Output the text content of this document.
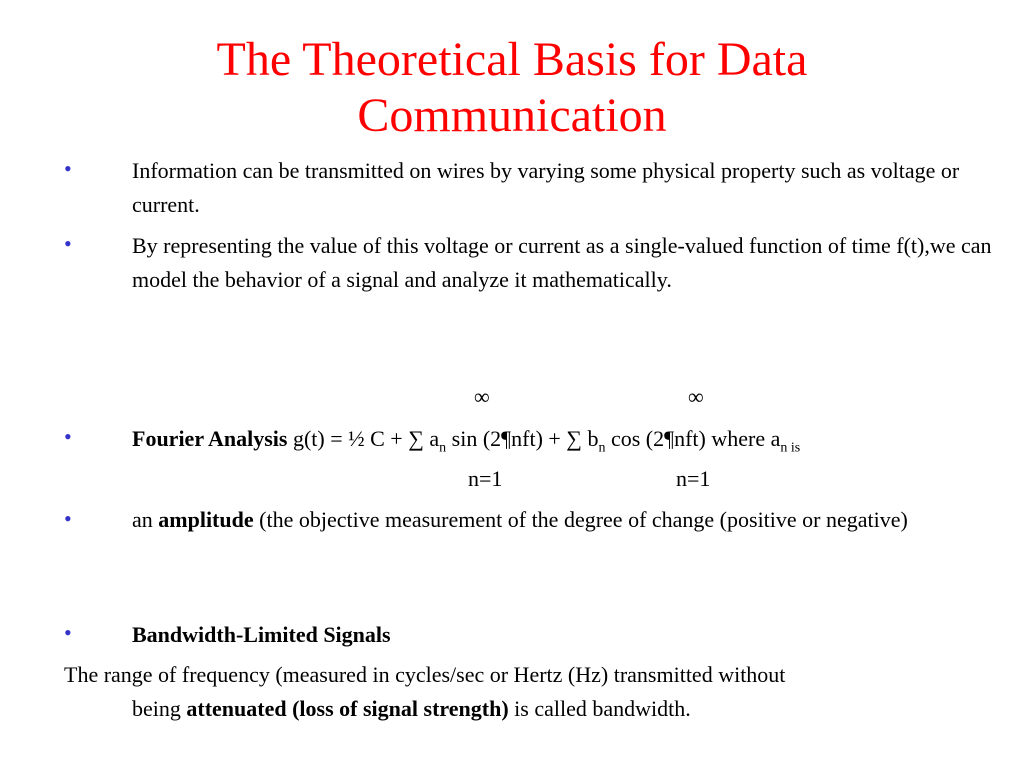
The Theoretical Basis for Data
Communication
•	Information can be transmitted on wires by varying some physical property such as voltage or current.
•	By representing the value of this voltage or current as a single-valued function of time f(t),we can model the behavior of a signal and analyze it mathematically.
∞	∞
•	Fourier Analysis g(t) = ½ C + ∑ $a_n$ sin (2¶nft) + ∑ $b_n$ cos (2¶nft) where $a_{n is}$
n=1	n=1
•	an amplitude (the objective measurement of the degree of change (positive or negative)
•	Bandwidth-Limited Signals
The range of frequency (measured in cycles/sec or Hertz (Hz) transmitted without
being attenuated (loss of signal strength) is called bandwidth.
